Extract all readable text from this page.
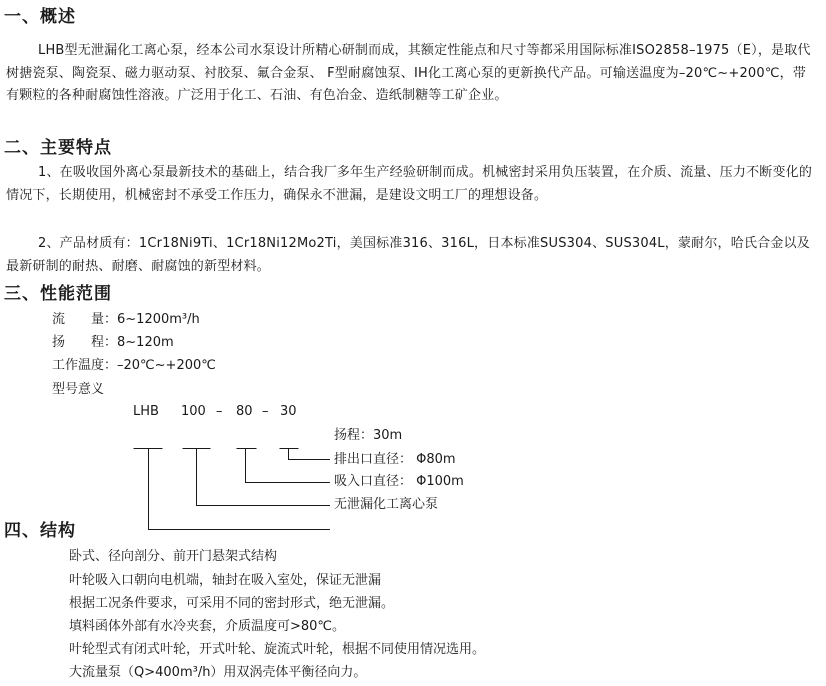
一、概述
LHB型无泄漏化工离心泵，经本公司水泵设计所精心研制而成，其额定性能点和尺寸等都采用国际标准ISO2858–1975（E），是取代树搪瓷泵、陶瓷泵、磁力驱动泵、衬胶泵、氟合金泵、 F型耐腐蚀泵、IH化工离心泵的更新换代产品。可输送温度为–20℃~+200℃，带有颗粒的各种耐腐蚀性溶液。广泛用于化工、石油、有色冶金、造纸制糖等工矿企业。
二、主要特点
1、在吸收国外离心泵最新技术的基础上，结合我厂多年生产经验研制而成。机械密封采用负压装置，在介质、流量、压力不断变化的情况下，长期使用，机械密封不承受工作压力，确保永不泄漏，是建设文明工厂的理想设备。
2、产品材质有：1Cr18Ni9Ti、1Cr18Ni12Mo2Ti，美国标准316、316L，日本标准SUS304、SUS304L，蒙耐尔，哈氏合金以及最新研制的耐热、耐磨、耐腐蚀的新型材料。
三、性能范围
流　　量：6~1200m³/h
扬　　程：8~120m
工作温度：–20℃~+200℃
型号意义
LHB 100 – 80 – 30
扬程：30m
排出口直径： Φ80m
吸入口直径： Φ100m
无泄漏化工离心泵
四、结构
卧式、径向剖分、前开门悬架式结构
叶轮吸入口朝向电机端，轴封在吸入室处，保证无泄漏
根据工况条件要求，可采用不同的密封形式，绝无泄漏。
填料函体外部有水冷夹套，介质温度可>80℃。
叶轮型式有闭式叶轮，开式叶轮、旋流式叶轮，根据不同使用情况选用。
大流量泵（Q>400m³/h）用双涡壳体平衡径向力。
